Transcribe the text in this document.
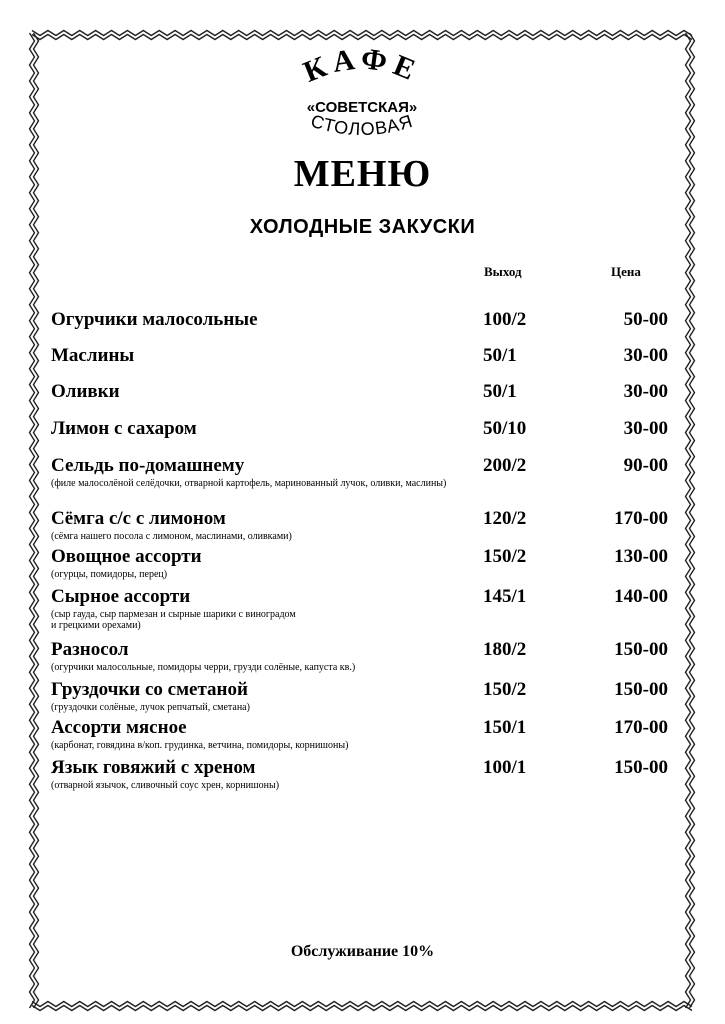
КАФЕ
«СОВЕТСКАЯ»
СТОЛОВАЯ
МЕНЮ
ХОЛОДНЫЕ ЗАКУСКИ
Выход	Цена
Огурчики малосольные	100/2	50-00
Маслины	50/1	30-00
Оливки	50/1	30-00
Лимон с сахаром	50/10	30-00
Сельдь по-домашнему	200/2	90-00
(филе малосолёной селёдочки, отварной картофель, маринованный лучок, оливки, маслины)
Сёмга с/с с лимоном	120/2	170-00
(сёмга нашего посола с лимоном, маслинами, оливками)
Овощное ассорти	150/2	130-00
(огурцы, помидоры, перец)
Сырное ассорти	145/1	140-00
(сыр гауда, сыр пармезан и сырные шарики с виноградом и грецкими орехами)
Разносол	180/2	150-00
(огурчики малосольные, помидоры черри, грузди солёные, капуста кв.)
Груздочки со сметаной	150/2	150-00
(груздочки солёные, лучок репчатый, сметана)
Ассорти мясное	150/1	170-00
(карбонат, говядина в/коп. грудинка, ветчина, помидоры, корнишоны)
Язык говяжий с хреном	100/1	150-00
(отварной язычок, сливочный соус хрен, корнишоны)
Обслуживание 10%
